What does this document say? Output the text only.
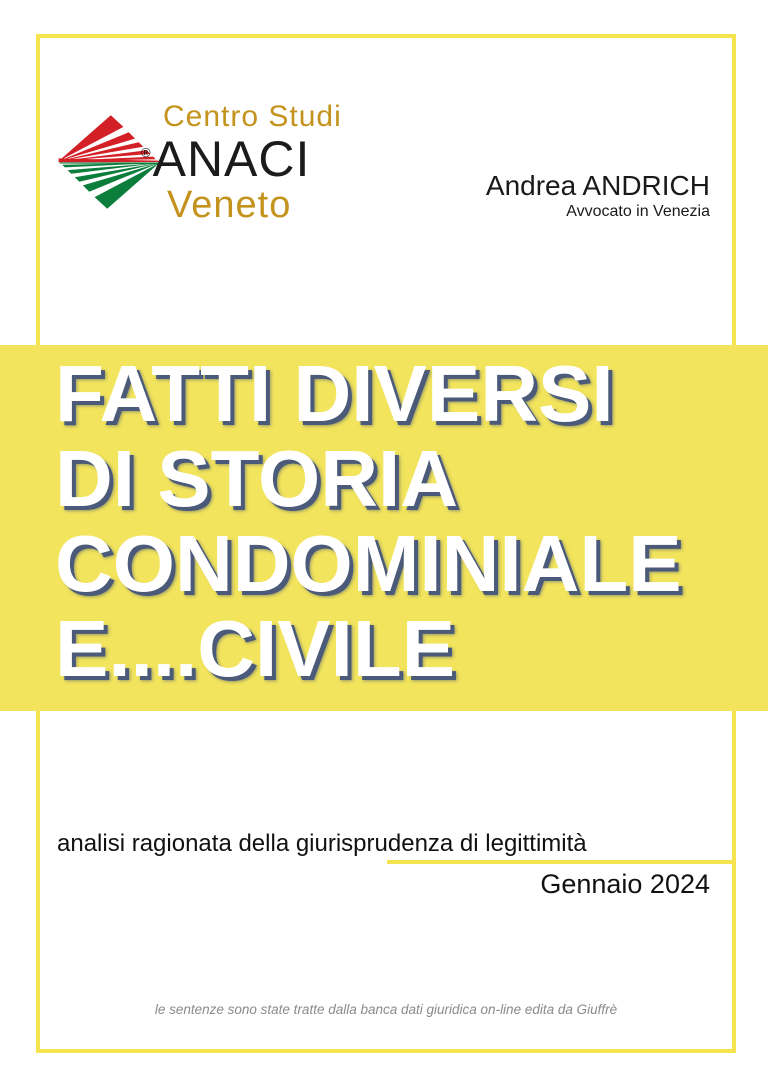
Centro Studi
® ANACI
Veneto	Andrea ANDRICH
Avvocato in Venezia
FATTI DIVERSI
DI STORIA
CONDOMINIALE
E....CIVILE
analisi ragionata della giurisprudenza di legittimità
Gennaio 2024
le sentenze sono state tratte dalla banca dati giuridica on-line edita da Giuffrè
